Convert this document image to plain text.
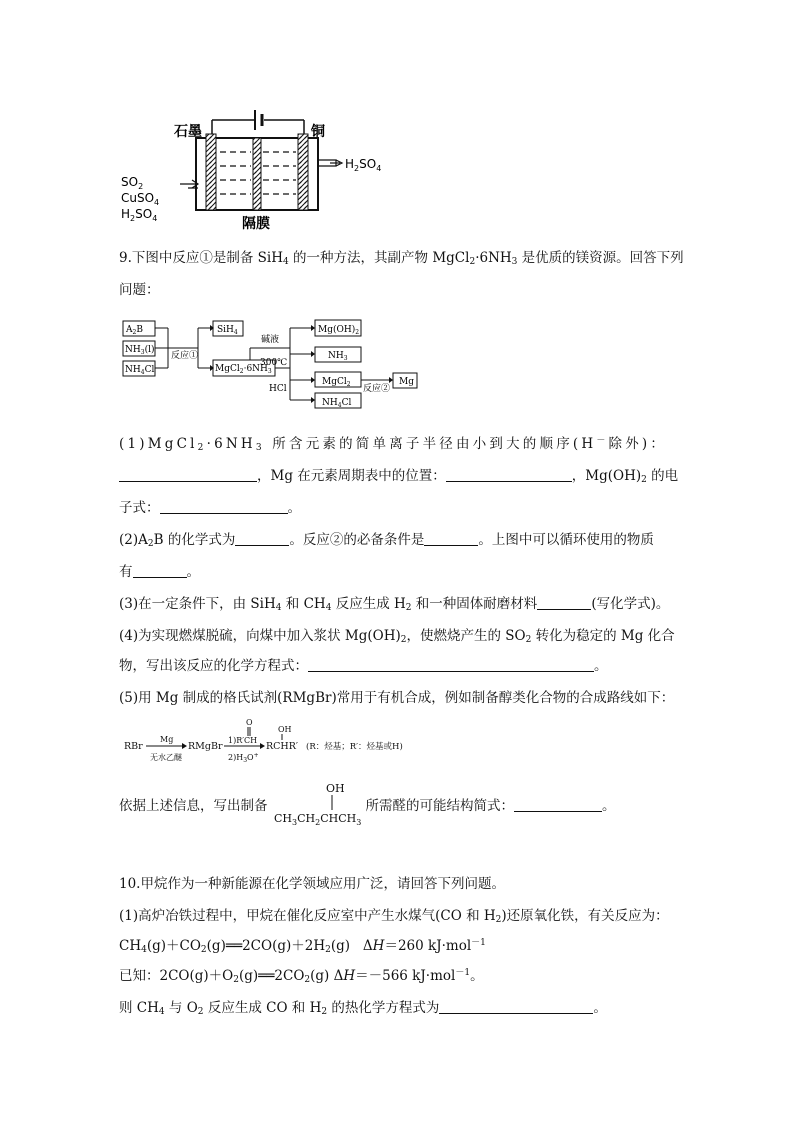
石墨	铜
隔膜
$H_2SO_4$
$SO_2$
CuSO$_4$
$H_2SO_4$
9.下图中反应①是制备 SiH$_4$ 的一种方法，其副产物 $MgCl_2\cdot 6NH_3$ 是优质的镁资源。回答下列
问题：
$A_2B$
$NH_3(l)$
$NH_4Cl$
反应①
SiH$_4$
$MgCl_2\cdot 6NH_3$
碱液
300℃
HCl
$Mg(OH)_2$
$NH_3$
MgCl$_2$
$NH_4Cl$
反应②
Mg
$(1)MgCl_2\cdot 6NH_3$ 所含元素的简单离子半径由小到大的顺序(H－除外)：
，Mg 在元素周期表中的位置：	，$Mg(OH)_2$ 的电
子式：	。
$(2)A_2B$ 的化学式为	。反应②的必备条件是	。上图中可以循环使用的物质
有	。
(3)在一定条件下，由 SiH$_4$ 和 $CH_4$ 反应生成 $H_2$ 和一种固体耐磨材料	(写化学式)。
(4)为实现燃煤脱硫，向煤中加入浆状 $Mg(OH)_2$，使燃烧产生的 $SO_2$ 转化为稳定的 Mg 化合
物，写出该反应的化学方程式：	。
(5)用 Mg 制成的格氏试剂(RMgBr)常用于有机合成，例如制备醇类化合物的合成路线如下：
RBr
Mg
无水乙醚
RMgBr
O
1)R′CH
$2)H_3O^+$
OH
RCHR′ (R：烃基；R′：烃基或H)
依据上述信息，写出制备	所需醛的可能结构简式：	。
OH
$CH_3CH_2CHCH_3$
10.甲烷作为一种新能源在化学领域应用广泛，请回答下列问题。
(1)高炉冶铁过程中，甲烷在催化反应室中产生水煤气(CO 和 $H_2$)还原氧化铁，有关反应为：
$CH_4(g)+CO_2(g)══2CO(g)+2H_2(g)$   ΔH＝260 kJ·mol$^{-1}$
已知：$2CO(g)+O_2(g)══2CO_2(g)$ ΔH＝－566 kJ·mol$^{-1}$。
则 $CH_4$ 与 $O_2$ 反应生成 CO 和 $H_2$ 的热化学方程式为	。
